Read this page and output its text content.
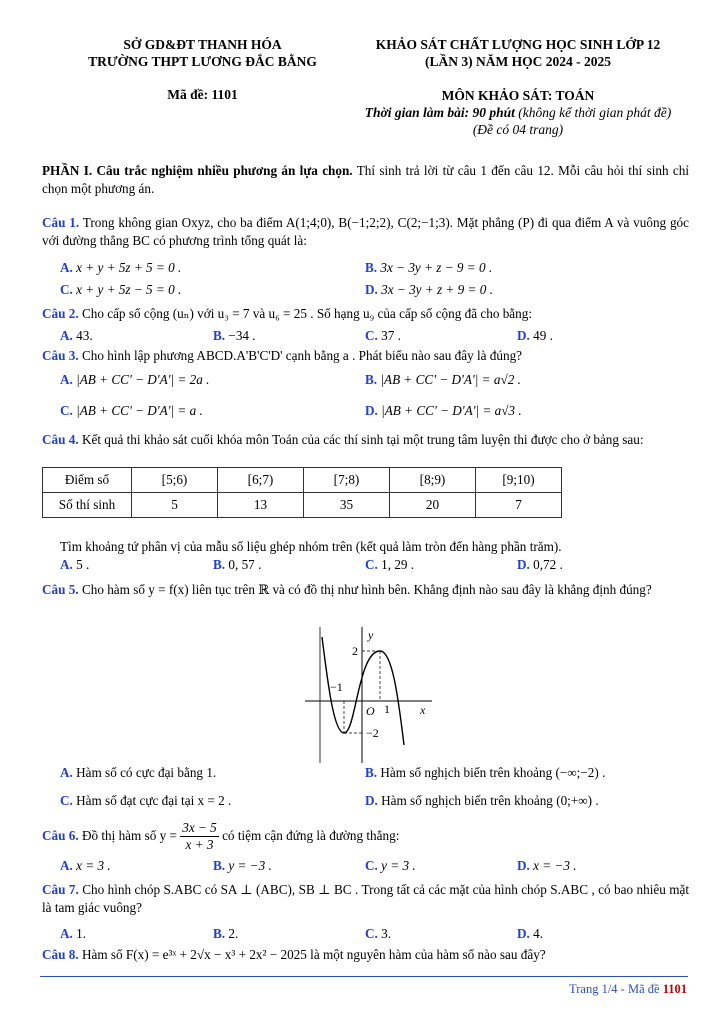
SỞ GD&ĐT THANH HÓA
TRƯỜNG THPT LƯƠNG ĐẮC BẰNG
KHẢO SÁT CHẤT LƯỢNG HỌC SINH LỚP 12
(LẦN 3) NĂM HỌC 2024 - 2025
Mã đề: 1101	MÔN KHẢO SÁT: TOÁN
Thời gian làm bài: 90 phút (không kể thời gian phát đề)
(Đề có 04 trang)
PHẦN I. Câu trắc nghiệm nhiều phương án lựa chọn. Thí sinh trả lời từ câu 1 đến câu 12. Mỗi câu hỏi thí sinh chỉ chọn một phương án.
Câu 1. Trong không gian Oxyz, cho ba điểm A(1;4;0), B(−1;2;2), C(2;−1;3). Mặt phẳng (P) đi qua điểm A và vuông góc với đường thẳng BC có phương trình tổng quát là:
A. x + y + 5z + 5 = 0 .	B. 3x − 3y + z − 9 = 0 .
C. x + y + 5z − 5 = 0 .	D. 3x − 3y + z + 9 = 0 .
Câu 2. Cho cấp số cộng (uₙ) với u₃ = 7 và u₆ = 25 . Số hạng u₉ của cấp số cộng đã cho bằng:
A. 43.	B. −34 .	C. 37 .	D. 49 .
Câu 3. Cho hình lập phương ABCD.A'B'C'D' cạnh bằng a . Phát biểu nào sau đây là đúng?
A. |AB + CC' − D'A'| = 2a .	B. |AB + CC' − D'A'| = a√2 .
C. |AB + CC' − D'A'| = a .	D. |AB + CC' − D'A'| = a√3 .
Câu 4. Kết quả thi khảo sát cuối khóa môn Toán của các thí sinh tại một trung tâm luyện thi được cho ở bảng sau:
Điểm số	[5;6)	[6;7)	[7;8)	[8;9)	[9;10)
Số thí sinh	5	13	35	20	7
Tìm khoảng tứ phân vị của mẫu số liệu ghép nhóm trên (kết quả làm tròn đến hàng phần trăm).
A. 5 .	B. 0, 57 .	C. 1, 29 .	D. 0,72 .
Câu 5. Cho hàm số y = f(x) liên tục trên ℝ và có đồ thị như hình bên. Khẳng định nào sau đây là khẳng định đúng?
y
x
O
2
−2
−1
1
A. Hàm số có cực đại bằng 1.	B. Hàm số nghịch biến trên khoảng (−∞;−2) .
C. Hàm số đạt cực đại tại x = 2 .	D. Hàm số nghịch biến trên khoảng (0;+∞) .
Câu 6. Đồ thị hàm số $y = \frac{3x - 5}{x + 3}$ có tiệm cận đứng là đường thẳng:
A. x = 3 .	B. y = −3 .	C. y = 3 .	D. x = −3 .
Câu 7. Cho hình chóp S.ABC có SA ⊥ (ABC), SB ⊥ BC . Trong tất cả các mặt của hình chóp S.ABC , có bao nhiêu mặt là tam giác vuông?
A. 1.	B. 2.	C. 3.	D. 4.
Câu 8. Hàm số F(x) = e³ˣ + 2√x − x³ + 2x² − 2025 là một nguyên hàm của hàm số nào sau đây?
Trang 1/4 - Mã đề 1101
